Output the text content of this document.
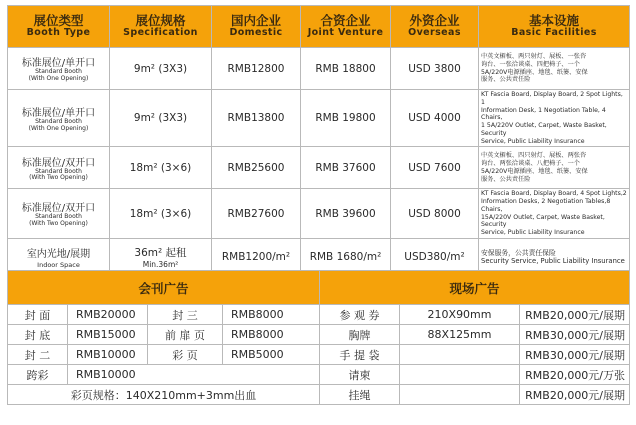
展位类型
Booth Type	展位规格
Specification	国内企业
Domestic	合资企业
Joint Venture	外资企业
Overseas	基本设施
Basic Facilities

标准展位/单开口
Standard Booth
(With One Opening)	9m² (3X3)	RMB12800	RMB 18800	USD 3800	中英文楣板、两只射灯、展板、一张咨
询台、一张洽谈桌、四把椅子、一个
5A/220V电源插座、地毯、纸篓、安保
服务、公共责任险

标准展位/单开口
Standard Booth
(With One Opening)	9m² (3X3)	RMB13800	RMB 19800	USD 4000	KT Fascia Board, Display Board, 2 Spot Lights, 1
Information Desk, 1 Negotiation Table, 4 Chairs,
1 5A/220V Outlet, Carpet, Waste Basket, Security
Service, Public Liability Insurance

标准展位/双开口
Standard Booth
(With Two Opening)	18m² (3×6)	RMB25600	RMB 37600	USD 7600	中英文楣板、四只射灯、展板、两张咨
询台、两张洽谈桌、八把椅子、一个
5A/220V电源插座、地毯、纸篓、安保
服务、公共责任险

标准展位/双开口
Standard Booth
(With Two Opening)	18m² (3×6)	RMB27600	RMB 39600	USD 8000	KT Fascia Board, Display Board, 4 Spot Lights,2
Information Desks, 2 Negotiation Tables,8 Chairs,
15A/220V Outlet, Carpet, Waste Basket, Security
Service, Public Liability Insurance

室内光地/展期
Indoor Space	36m² 起租
Min.36m²	RMB1200/m²	RMB 1680/m²	USD380/m²	安保服务，公共责任保险
Security Service, Public Liability Insurance
会刊广告				现场广告		
封 面	RMB20000	封 三	RMB8000	参 观 券	210X90mm	RMB20,000元/展期
封 底	RMB15000	前 扉 页	RMB8000	胸牌	88X125mm	RMB30,000元/展期
封 二	RMB10000	彩 页	RMB5000	手 提 袋		RMB30,000元/展期
跨彩	RMB10000			请柬		RMB20,000元/万张
彩页规格：140X210mm+3mm出血				挂绳		RMB20,000元/展期
